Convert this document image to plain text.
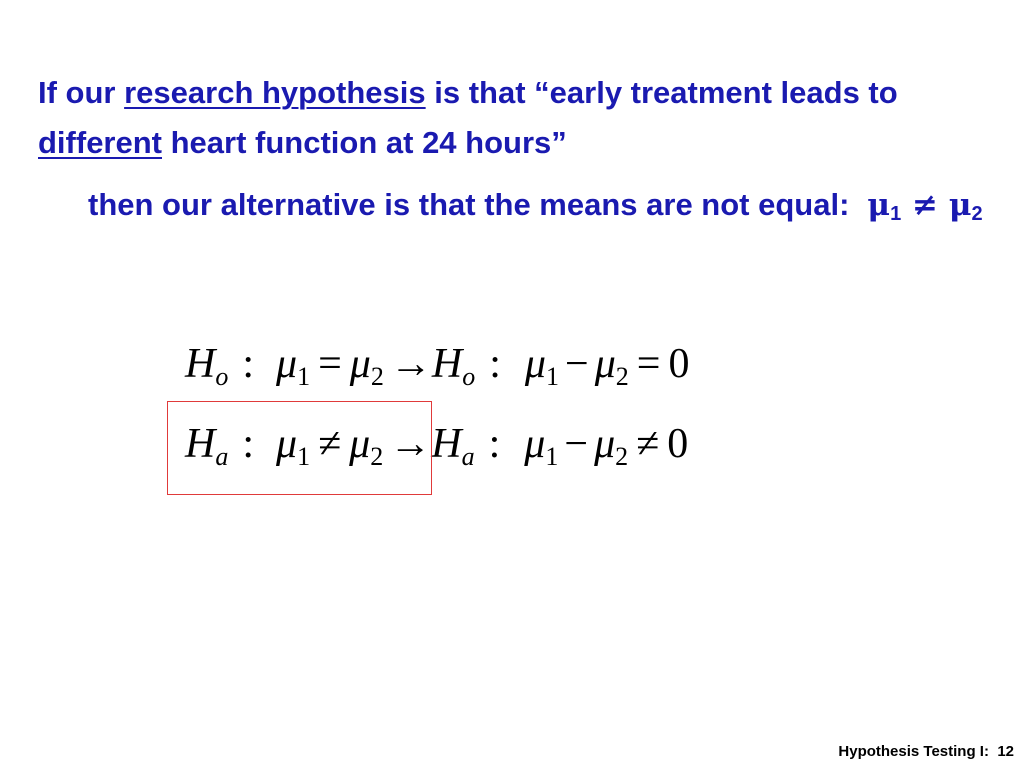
If our research hypothesis is that “early treatment leads to different heart function at 24 hours”
then our alternative is that the means are not equal: $\mu_1 \ne \mu_2$
$H_o$ : $\mu_1 = \mu_2 \to H_o$ : $\mu_1 - \mu_2 = 0$
$H_a$ : $\mu_1 \ne \mu_2 \to H_a$ : $\mu_1 - \mu_2 \ne 0$
Hypothesis Testing I: 12
